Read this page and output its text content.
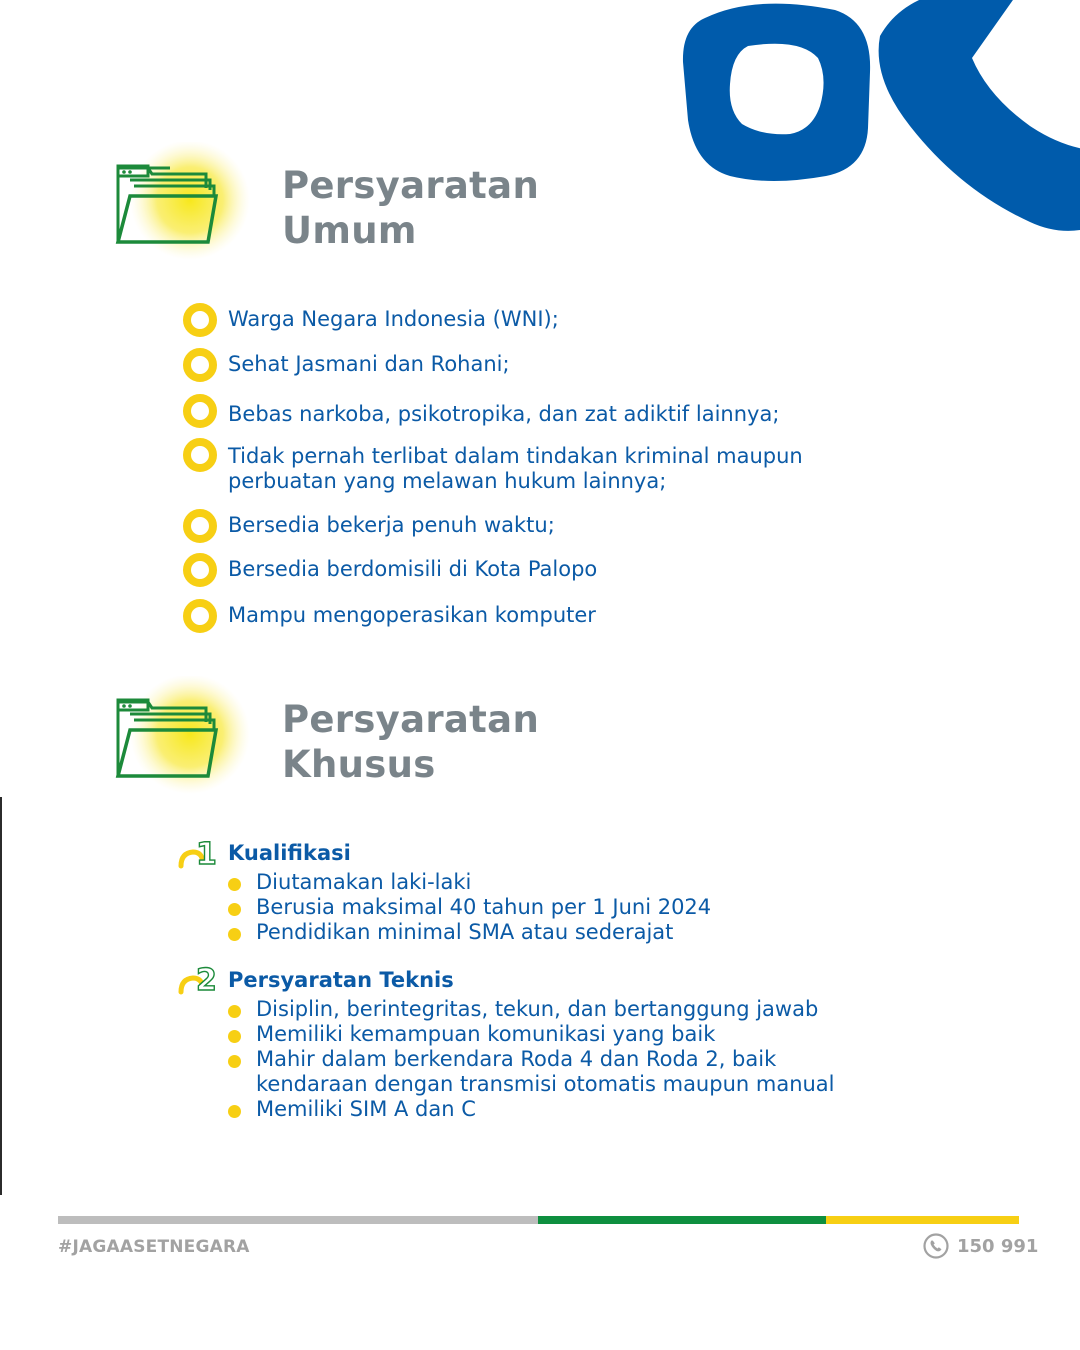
Persyaratan
Umum
Warga Negara Indonesia (WNI);
Sehat Jasmani dan Rohani;
Bebas narkoba, psikotropika, dan zat adiktif lainnya;
Tidak pernah terlibat dalam tindakan kriminal maupun
perbuatan yang melawan hukum lainnya;
Bersedia bekerja penuh waktu;
Bersedia berdomisili di Kota Palopo
Mampu mengoperasikan komputer
Persyaratan
Khusus
1 Kualifikasi
Diutamakan laki-laki
Berusia maksimal 40 tahun per 1 Juni 2024
Pendidikan minimal SMA atau sederajat
2 Persyaratan Teknis
Disiplin, berintegritas, tekun, dan bertanggung jawab
Memiliki kemampuan komunikasi yang baik
Mahir dalam berkendara Roda 4 dan Roda 2, baik
kendaraan dengan transmisi otomatis maupun manual
Memiliki SIM A dan C
#JAGAASETNEGARA	150 991
